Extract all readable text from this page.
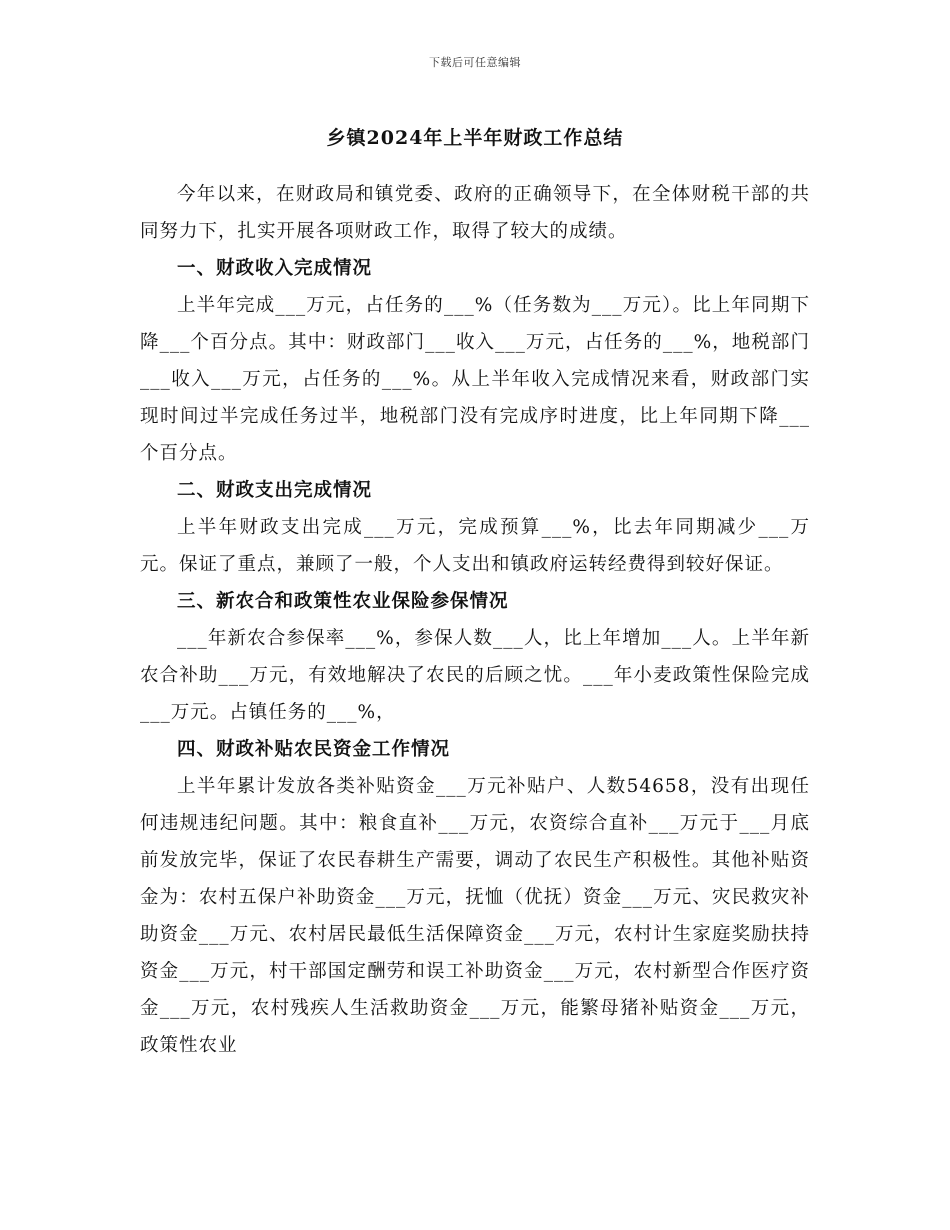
下载后可任意编辑
乡镇2024年上半年财政工作总结

今年以来，在财政局和镇党委、政府的正确领导下，在全体财税干部的共同努力下，扎实开展各项财政工作，取得了较大的成绩。

一、财政收入完成情况

上半年完成___万元，占任务的___%（任务数为___万元）。比上年同期下降___个百分点。其中：财政部门___收入___万元，占任务的___%，地税部门___收入___万元，占任务的___%。从上半年收入完成情况来看，财政部门实现时间过半完成任务过半，地税部门没有完成序时进度，比上年同期下降___个百分点。

二、财政支出完成情况

上半年财政支出完成___万元，完成预算___%，比去年同期减少___万元。保证了重点，兼顾了一般，个人支出和镇政府运转经费得到较好保证。

三、新农合和政策性农业保险参保情况

___年新农合参保率___%，参保人数___人，比上年增加___人。上半年新农合补助___万元，有效地解决了农民的后顾之忧。___年小麦政策性保险完成___万元。占镇任务的___%，

四、财政补贴农民资金工作情况

上半年累计发放各类补贴资金___万元补贴户、人数54658，没有出现任何违规违纪问题。其中：粮食直补___万元，农资综合直补___万元于___月底前发放完毕，保证了农民春耕生产需要，调动了农民生产积极性。其他补贴资金为：农村五保户补助资金___万元，抚恤（优抚）资金___万元、灾民救灾补助资金___万元、农村居民最低生活保障资金___万元，农村计生家庭奖励扶持资金___万元，村干部国定酬劳和误工补助资金___万元，农村新型合作医疗资金___万元，农村残疾人生活救助资金___万元，能繁母猪补贴资金___万元，政策性农业
